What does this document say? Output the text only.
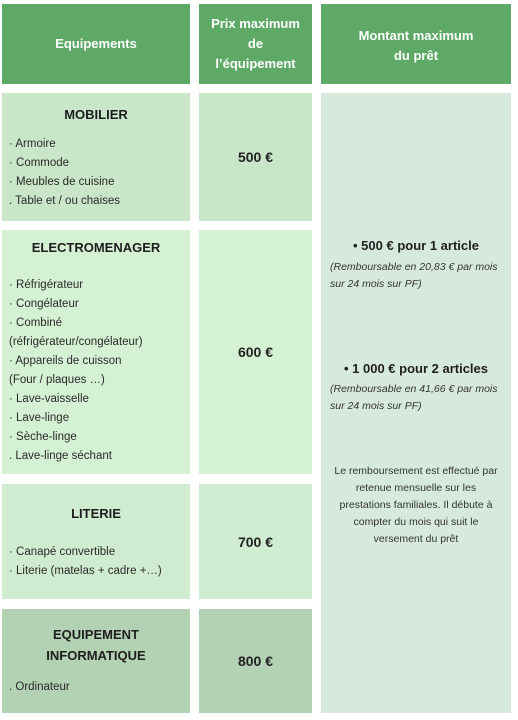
Equipements
Prix maximum de l’équipement
Montant maximum du prêt
MOBILIER
· Armoire
· Commode
· Meubles de cuisine
. Table et / ou chaises
500 €
ELECTROMENAGER
· Réfrigérateur
· Congélateur
· Combiné
(réfrigérateur/congélateur)
· Appareils de cuisson
(Four / plaques …)
· Lave-vaisselle
· Lave-linge
· Sèche-linge
. Lave-linge séchant
600 €
LITERIE
· Canapé convertible
· Literie (matelas + cadre +…)
700 €
EQUIPEMENT INFORMATIQUE
. Ordinateur
800 €
• 500 € pour 1 article
(Remboursable en 20,83 € par mois sur 24 mois sur PF)
• 1 000 € pour 2 articles
(Remboursable en 41,66 € par mois sur 24 mois sur PF)
Le remboursement est effectué par retenue mensuelle sur les prestations familiales. Il débute à compter du mois qui suit le versement du prêt
